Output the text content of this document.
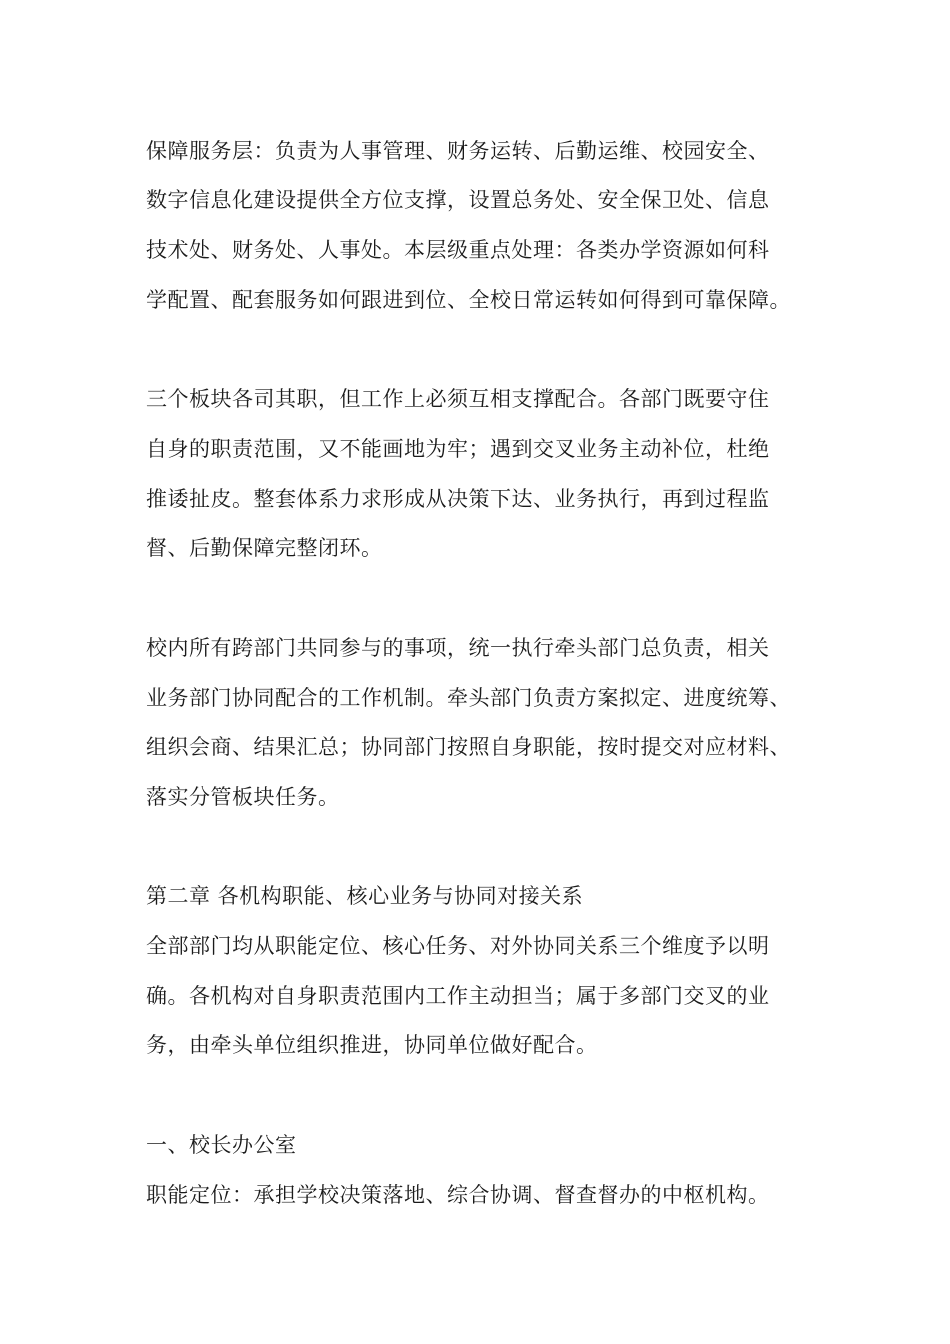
保障服务层：负责为人事管理、财务运转、后勤运维、校园安全、

数字信息化建设提供全方位支撑，设置总务处、安全保卫处、信息

技术处、财务处、人事处。本层级重点处理：各类办学资源如何科

学配置、配套服务如何跟进到位、全校日常运转如何得到可靠保障。

三个板块各司其职，但工作上必须互相支撑配合。各部门既要守住

自身的职责范围，又不能画地为牢；遇到交叉业务主动补位，杜绝

推诿扯皮。整套体系力求形成从决策下达、业务执行，再到过程监

督、后勤保障完整闭环。

校内所有跨部门共同参与的事项，统一执行牵头部门总负责，相关

业务部门协同配合的工作机制。牵头部门负责方案拟定、进度统筹、

组织会商、结果汇总；协同部门按照自身职能，按时提交对应材料、

落实分管板块任务。

第二章 各机构职能、核心业务与协同对接关系

全部部门均从职能定位、核心任务、对外协同关系三个维度予以明

确。各机构对自身职责范围内工作主动担当；属于多部门交叉的业

务，由牵头单位组织推进，协同单位做好配合。

一、校长办公室

职能定位：承担学校决策落地、综合协调、督查督办的中枢机构。
